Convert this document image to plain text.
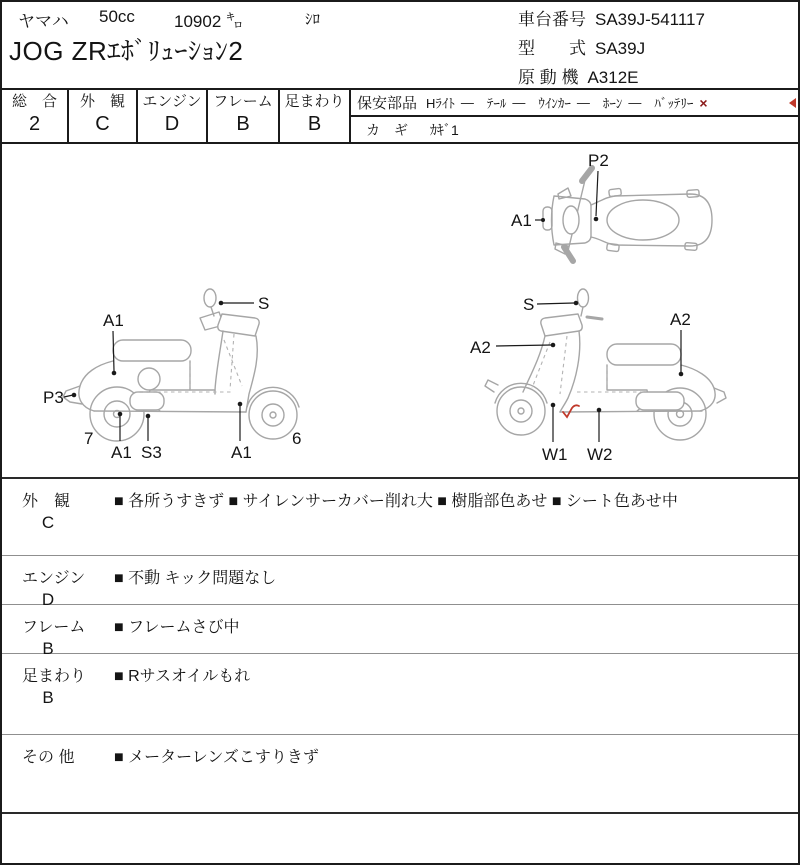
ヤマハ 50cc 10902 ㌔	ｼﾛ
JOG ZRｴﾎﾞﾘｭｰｼｮﾝ2
車台番号 SA39J-541117
型　　式 SA39J
原 動 機 A312E
総　合
2
外　観
C
エンジン
D
フレーム
B
足まわり
B
保安部品 Hﾗｲﾄ ― ﾃｰﾙ ― ｳｲﾝｶｰ ― ﾎｰﾝ ― ﾊﾞｯﾃﾘｰ ×
カ　ギ ｶｷﾞ1
P2
A1
S
A1
P3
7
A1 S3	A1
6
S
A2
A2
W1 W2
外　観
C
■ 各所うすきず ■ サイレンサーカバー削れ大 ■ 樹脂部色あせ ■ シート色あせ中
エンジン
D
■ 不動 キック問題なし
フレーム
B
■ フレームさび中
足まわり
B
■ Rサスオイルもれ
その 他 ■ メーターレンズこすりきず
